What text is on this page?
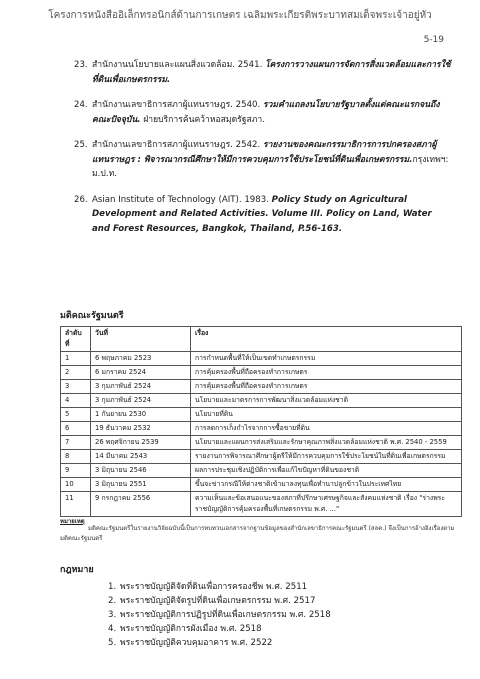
โครงการหนังสืออิเล็กทรอนิกส์ด้านการเกษตร เฉลิมพระเกียรติพระบาทสมเด็จพระเจ้าอยู่หัว
5-19
23. สำนักงานนโยบายและแผนสิ่งแวดล้อม. 2541. โครงการวางแผนการจัดการสิ่งแวดล้อมและการใช้ที่ดินเพื่อเกษตรกรรม.
24. สำนักงานเลขาธิการสภาผู้แทนราษฎร. 2540. รวมคำแถลงนโยบายรัฐบาลตั้งแต่คณะแรกจนถึงคณะปัจจุบัน. ฝ่ายบริการค้นคว้าหอสมุดรัฐสภา.
25. สำนักงานเลขาธิการสภาผู้แทนราษฎร. 2542. รายงานของคณะกรรมาธิการการปกครองสภาผู้แทนราษฎร : พิจารณากรณีศึกษาให้มีการควบคุมการใช้ประโยชน์ที่ดินเพื่อเกษตรกรรม.กรุงเทพฯ: ม.ป.ท.
26. Asian Institute of Technology (AIT). 1983. Policy Study on Agricultural Development and Related Activities. Volume III. Policy on Land, Water and Forest Resources, Bangkok, Thailand, P.56-163.
มติคณะรัฐมนตรี
ลำดับที่	วันที่	เรื่อง
1	6 พฤษภาคม 2523	การกำหนดพื้นที่ให้เป็นเขตทำเกษตรกรรม
2	6 มกราคม 2524	การคุ้มครองพื้นที่ถือครองทำการเกษตร
3	3 กุมภาพันธ์ 2524	การคุ้มครองพื้นที่ถือครองทำการเกษตร
4	3 กุมภาพันธ์ 2524	นโยบายและมาตรการการพัฒนาสิ่งแวดล้อมแห่งชาติ
5	1 กันยายน 2530	นโยบายที่ดิน
6	19 ธันวาคม 2532	การลดการเก็งกำไรจากการซื้อขายที่ดิน
7	26 พฤศจิกายน 2539	นโยบายและแผนการส่งเสริมและรักษาคุณภาพสิ่งแวดล้อมแห่งชาติ พ.ศ. 2540 - 2559
8	14 มีนาคม 2543	รายงานการพิจารณาศึกษาผู้ตรีให้มีการควบคุมการใช้ประโยชน์ในที่ดินเพื่อเกษตรกรรม
9	3 มิถุนายน 2546	ผลการประชุมเชิงปฏิบัติการเพื่อแก้ไขปัญหาที่ดินของชาติ
10	3 มิถุนายน 2551	ขึ้นจะข่าวกรณีให้ต่างชาติเข้ามาลงทุนเพื่อทำนาปลูกข้าวในประเทศไทย
11	9 กรกฎาคม 2556	ความเห็นและข้อเสนอแนะของสภาที่ปรึกษาเศรษฐกิจและสังคมแห่งชาติ เรื่อง "ร่างพระราชบัญญัติการคุ้มครองพื้นที่เกษตรกรรม พ.ศ. ..."
หมายเหตุ
มติคณะรัฐมนตรีในรายงานวิจัยฉบับนี้เป็นการทบทวนเอกสารจากฐานข้อมูลของสำนักเลขาธิการคณะรัฐมนตรี (สลค.) จึงเป็นการอ้างอิงเรื่องตามมติคณะรัฐมนตรี
กฎหมาย
1. พระราชบัญญัติจัดที่ดินเพื่อการครองชีพ พ.ศ. 2511
2. พระราชบัญญัติจัดรูปที่ดินเพื่อเกษตรกรรม พ.ศ. 2517
3. พระราชบัญญัติการปฏิรูปที่ดินเพื่อเกษตรกรรม พ.ศ. 2518
4. พระราชบัญญัติการผังเมือง พ.ศ. 2518
5. พระราชบัญญัติควบคุมอาคาร พ.ศ. 2522
